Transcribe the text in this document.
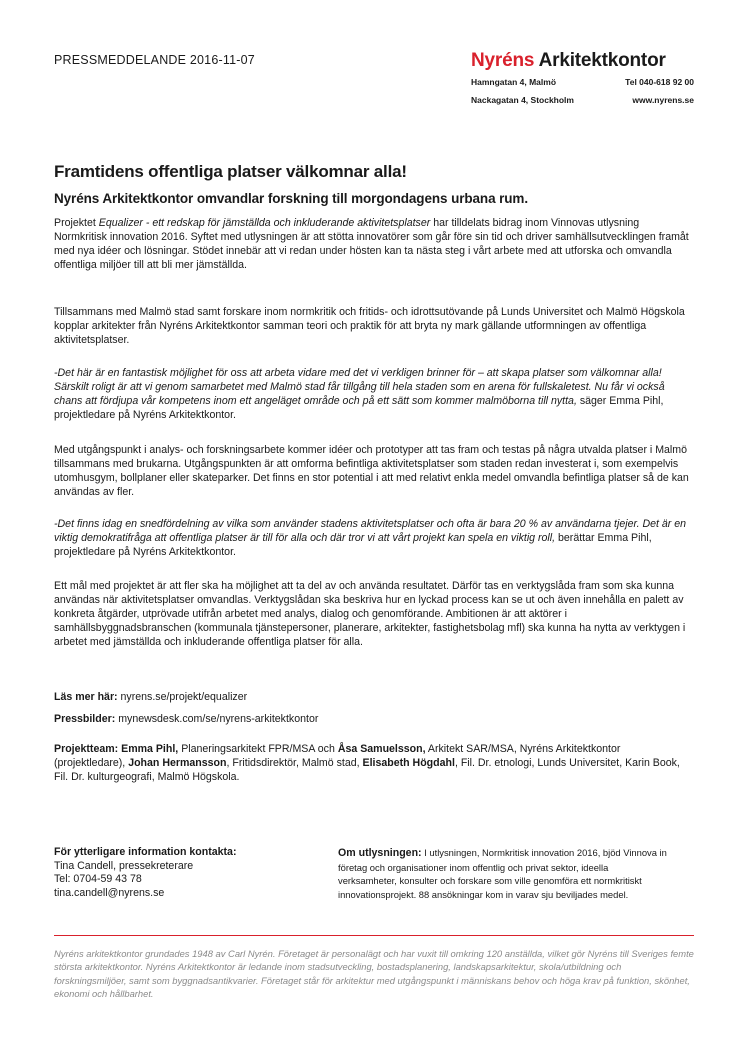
PRESSMEDDELANDE 2016-11-07	Nyréns Arkitektkontor
Hamngatan 4, Malmö
Nackagatan 4, Stockholm
Tel 040-618 92 00
www.nyrens.se
Framtidens offentliga platser välkomnar alla!
Nyréns Arkitektkontor omvandlar forskning till morgondagens urbana rum.

Projektet Equalizer - ett redskap för jämställda och inkluderande aktivitetsplatser har tilldelats bidrag inom Vinnovas utlysning Normkritisk innovation 2016. Syftet med utlysningen är att stötta innovatörer som går före sin tid och driver samhällsutvecklingen framåt med nya idéer och lösningar. Stödet innebär att vi redan under hösten kan ta nästa steg i vårt arbete med att utforska och omvandla offentliga miljöer till att bli mer jämställda.

Tillsammans med Malmö stad samt forskare inom normkritik och fritids- och idrottsutövande på Lunds Universitet och Malmö Högskola kopplar arkitekter från Nyréns Arkitektkontor samman teori och praktik för att bryta ny mark gällande utformningen av offentliga aktivitetsplatser.

-Det här är en fantastisk möjlighet för oss att arbeta vidare med det vi verkligen brinner för – att skapa platser som välkomnar alla! Särskilt roligt är att vi genom samarbetet med Malmö stad får tillgång till hela staden som en arena för fullskaletest. Nu får vi också chans att fördjupa vår kompetens inom ett angeläget område och på ett sätt som kommer malmöborna till nytta, säger Emma Pihl, projektledare på Nyréns Arkitektkontor.

Med utgångspunkt i analys- och forskningsarbete kommer idéer och prototyper att tas fram och testas på några utvalda platser i Malmö tillsammans med brukarna. Utgångspunkten är att omforma befintliga aktivitetsplatser som staden redan investerat i, som exempelvis utomhusgym, bollplaner eller skateparker. Det finns en stor potential i att med relativt enkla medel omvandla befintliga platser så de kan användas av fler.

-Det finns idag en snedfördelning av vilka som använder stadens aktivitetsplatser och ofta är bara 20 % av användarna tjejer. Det är en viktig demokratifråga att offentliga platser är till för alla och där tror vi att vårt projekt kan spela en viktig roll, berättar Emma Pihl, projektledare på Nyréns Arkitektkontor.

Ett mål med projektet är att fler ska ha möjlighet att ta del av och använda resultatet. Därför tas en verktygslåda fram som ska kunna användas när aktivitetsplatser omvandlas. Verktygslådan ska beskriva hur en lyckad process kan se ut och även innehålla en palett av konkreta åtgärder, utprövade utifrån arbetet med analys, dialog och genomförande. Ambitionen är att aktörer i samhällsbyggnadsbranschen (kommunala tjänstepersoner, planerare, arkitekter, fastighetsbolag mfl) ska kunna ha nytta av verktygen i arbetet med jämställda och inkluderande offentliga platser för alla.

Läs mer här: nyrens.se/projekt/equalizer
Pressbilder: mynewsdesk.com/se/nyrens-arkitektkontor

Projektteam: Emma Pihl, Planeringsarkitekt FPR/MSA och Åsa Samuelsson, Arkitekt SAR/MSA, Nyréns Arkitektkontor (projektledare), Johan Hermansson, Fritidsdirektör, Malmö stad, Elisabeth Högdahl, Fil. Dr. etnologi, Lunds Universitet, Karin Book, Fil. Dr. kulturgeografi, Malmö Högskola.

För ytterligare information kontakta:
Tina Candell, pressekreterare
Tel: 0704-59 43 78
tina.candell@nyrens.se
Om utlysningen: I utlysningen, Normkritisk innovation 2016, bjöd Vinnova in företag och organisationer inom offentlig och privat sektor, ideella verksamheter, konsulter och forskare som ville genomföra ett normkritiskt innovationsprojekt. 88 ansökningar kom in varav sju beviljades medel.
Nyréns arkitektkontor grundades 1948 av Carl Nyrén. Företaget är personalägt och har vuxit till omkring 120 anställda, vilket gör Nyréns till Sveriges femte största arkitektkontor. Nyréns Arkitektkontor är ledande inom stadsutveckling, bostadsplanering, landskapsarkitektur, skola/utbildning och forskningsmiljöer, samt som byggnadsantikvarier. Företaget står för arkitektur med utgångspunkt i människans behov och höga krav på funktion, skönhet, ekonomi och hållbarhet.
